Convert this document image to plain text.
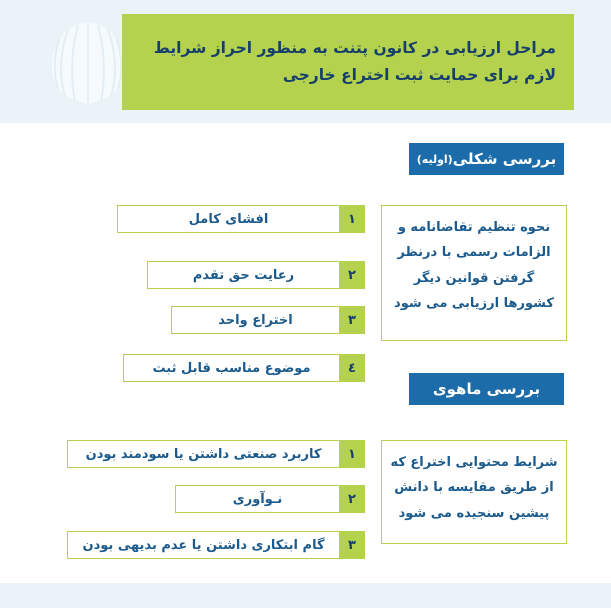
مراحل ارزیابی در کانون پتنت به منظور احراز شرایط
لازم برای حمایت ثبت اختراع خارجی
بررسی شکلی
(اولیه)
نحوه تنظیم تقاضانامه و الزامات رسمی با درنظر گرفتن قوانین دیگر کشورها ارزیابی می شود
افشای کامل	۱
رعایت حق تقدم	۲
اختراع واحد	۳
موضوع مناسب قابل ثبت	٤
بررسی ماهوی
شرایط محتوایی اختراع که از طریق مقایسه با دانش پیشین سنجیده می شود
کاربرد صنعتی داشتن یا سودمند بودن	۱
نـوآوری	۲
گام ابتکاری داشتن یا عدم بدیهی بودن	۳
